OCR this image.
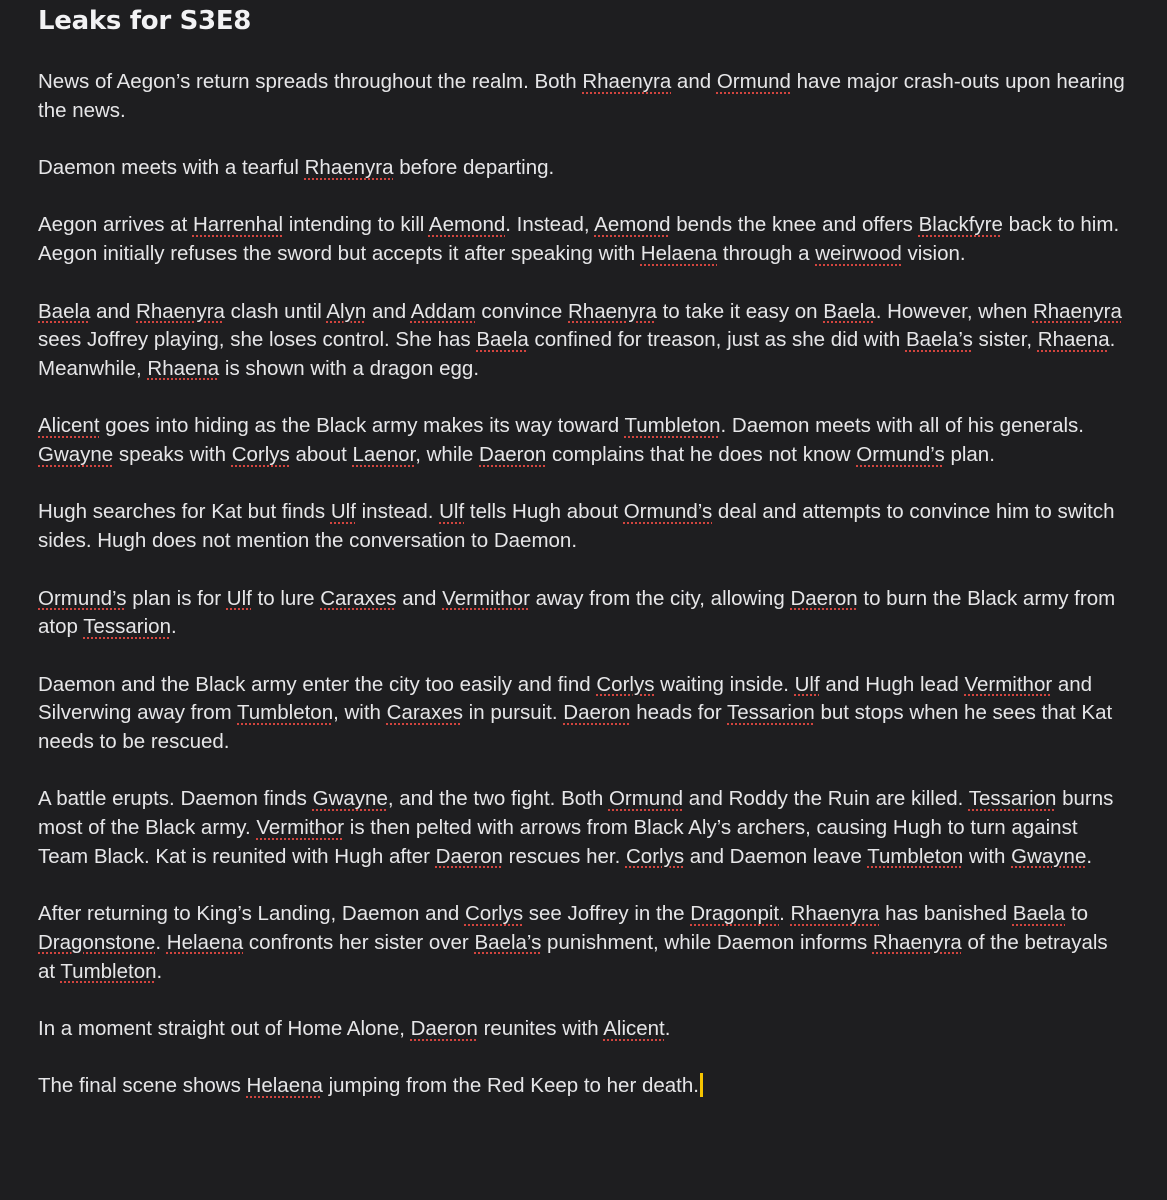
Leaks for S3E8
News of Aegon’s return spreads throughout the realm. Both Rhaenyra and Ormund have major crash-outs upon hearing the news.
Daemon meets with a tearful Rhaenyra before departing.
Aegon arrives at Harrenhal intending to kill Aemond. Instead, Aemond bends the knee and offers Blackfyre back to him. Aegon initially refuses the sword but accepts it after speaking with Helaena through a weirwood vision.
Baela and Rhaenyra clash until Alyn and Addam convince Rhaenyra to take it easy on Baela. However, when Rhaenyra sees Joffrey playing, she loses control. She has Baela confined for treason, just as she did with Baela’s sister, Rhaena. Meanwhile, Rhaena is shown with a dragon egg.
Alicent goes into hiding as the Black army makes its way toward Tumbleton. Daemon meets with all of his generals. Gwayne speaks with Corlys about Laenor, while Daeron complains that he does not know Ormund’s plan.
Hugh searches for Kat but finds Ulf instead. Ulf tells Hugh about Ormund’s deal and attempts to convince him to switch sides. Hugh does not mention the conversation to Daemon.
Ormund’s plan is for Ulf to lure Caraxes and Vermithor away from the city, allowing Daeron to burn the Black army from atop Tessarion.
Daemon and the Black army enter the city too easily and find Corlys waiting inside. Ulf and Hugh lead Vermithor and Silverwing away from Tumbleton, with Caraxes in pursuit. Daeron heads for Tessarion but stops when he sees that Kat needs to be rescued.
A battle erupts. Daemon finds Gwayne, and the two fight. Both Ormund and Roddy the Ruin are killed. Tessarion burns most of the Black army. Vermithor is then pelted with arrows from Black Aly’s archers, causing Hugh to turn against Team Black. Kat is reunited with Hugh after Daeron rescues her. Corlys and Daemon leave Tumbleton with Gwayne.
After returning to King’s Landing, Daemon and Corlys see Joffrey in the Dragonpit. Rhaenyra has banished Baela to Dragonstone. Helaena confronts her sister over Baela’s punishment, while Daemon informs Rhaenyra of the betrayals at Tumbleton.
In a moment straight out of Home Alone, Daeron reunites with Alicent.
The final scene shows Helaena jumping from the Red Keep to her death.
